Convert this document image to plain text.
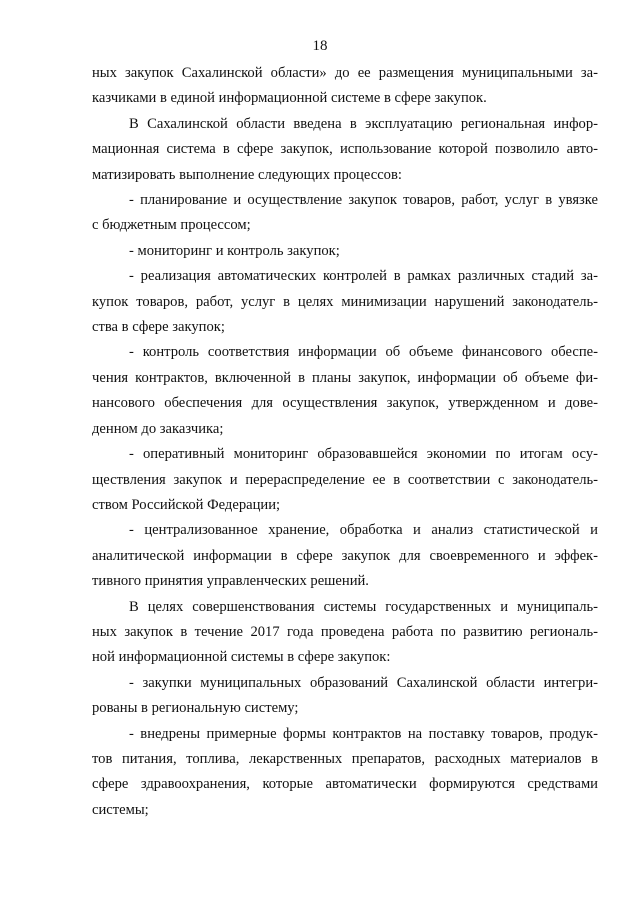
18

ных закупок Сахалинской области» до ее размещения муниципальными за-
казчиками в единой информационной системе в сфере закупок.

В Сахалинской области введена в эксплуатацию региональная инфор-
мационная система в сфере закупок, использование которой позволило авто-
матизировать выполнение следующих процессов:

- планирование и осуществление закупок товаров, работ, услуг в увязке
с бюджетным процессом;

- мониторинг и контроль закупок;

- реализация автоматических контролей в рамках различных стадий за-
купок товаров, работ, услуг в целях минимизации нарушений законодатель-
ства в сфере закупок;

- контроль соответствия информации об объеме финансового обеспе-
чения контрактов, включенной в планы закупок, информации об объеме фи-
нансового обеспечения для осуществления закупок, утвержденном и дове-
денном до заказчика;

- оперативный мониторинг образовавшейся экономии по итогам осу-
ществления закупок и перераспределение ее в соответствии с законодатель-
ством Российской Федерации;

- централизованное хранение, обработка и анализ статистической и
аналитической информации в сфере закупок для своевременного и эффек-
тивного принятия управленческих решений.

В целях совершенствования системы государственных и муниципаль-
ных закупок в течение 2017 года проведена работа по развитию региональ-
ной информационной системы в сфере закупок:

- закупки муниципальных образований Сахалинской области интегри-
рованы в региональную систему;

- внедрены примерные формы контрактов на поставку товаров, продук-
тов питания, топлива, лекарственных препаратов, расходных материалов в
сфере здравоохранения, которые автоматически формируются средствами
системы;
